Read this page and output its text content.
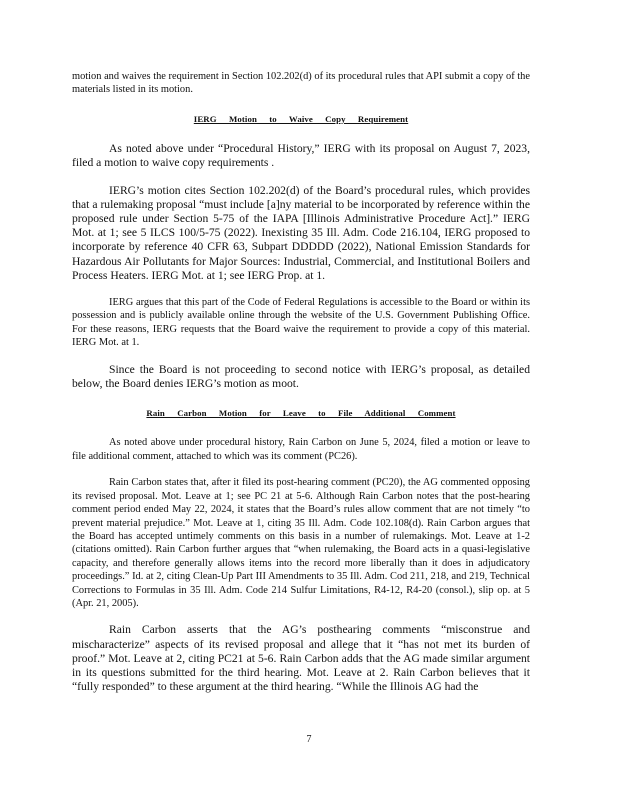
motion and waives the requirement in Section 102.202(d) of its procedural rules that API submit a copy of the materials listed in its motion.

IERG Motion to Waive Copy Requirement

As noted above under “Procedural History,” IERG with its proposal on August 7, 2023, filed a motion to waive copy requirements .

IERG’s motion cites Section 102.202(d) of the Board’s procedural rules, which provides that a rulemaking proposal “must include [a]ny material to be incorporated by reference within the proposed rule under Section 5-75 of the IAPA [Illinois Administrative Procedure Act].” IERG Mot. at 1; see 5 ILCS 100/5-75 (2022). Inexisting 35 Ill. Adm. Code 216.104, IERG proposed to incorporate by reference 40 CFR 63, Subpart DDDDD (2022), National Emission Standards for Hazardous Air Pollutants for Major Sources: Industrial, Commercial, and Institutional Boilers and Process Heaters. IERG Mot. at 1; see IERG Prop. at 1.

IERG argues that this part of the Code of Federal Regulations is accessible to the Board or within its possession and is publicly available online through the website of the U.S. Government Publishing Office. For these reasons, IERG requests that the Board waive the requirement to provide a copy of this material. IERG Mot. at 1.

Since the Board is not proceeding to second notice with IERG’s proposal, as detailed below, the Board denies IERG’s motion as moot.

Rain Carbon Motion for Leave to File Additional Comment

As noted above under procedural history, Rain Carbon on June 5, 2024, filed a motion or leave to file additional comment, attached to which was its comment (PC26).

Rain Carbon states that, after it filed its post-hearing comment (PC20), the AG commented opposing its revised proposal. Mot. Leave at 1; see PC 21 at 5-6. Although Rain Carbon notes that the post-hearing comment period ended May 22, 2024, it states that the Board’s rules allow comment that are not timely “to prevent material prejudice.” Mot. Leave at 1, citing 35 Ill. Adm. Code 102.108(d). Rain Carbon argues that the Board has accepted untimely comments on this basis in a number of rulemakings. Mot. Leave at 1-2 (citations omitted). Rain Carbon further argues that “when rulemaking, the Board acts in a quasi-legislative capacity, and therefore generally allows items into the record more liberally than it does in adjudicatory proceedings.” Id. at 2, citing Clean-Up Part III Amendments to 35 Ill. Adm. Cod 211, 218, and 219, Technical Corrections to Formulas in 35 Ill. Adm. Code 214 Sulfur Limitations, R4-12, R4-20 (consol.), slip op. at 5 (Apr. 21, 2005).

Rain Carbon asserts that the AG’s posthearing comments “misconstrue and mischaracterize” aspects of its revised proposal and allege that it “has not met its burden of proof.” Mot. Leave at 2, citing PC21 at 5-6. Rain Carbon adds that the AG made similar argument in its questions submitted for the third hearing. Mot. Leave at 2. Rain Carbon believes that it “fully responded” to these argument at the third hearing. “While the Illinois AG had the

7
